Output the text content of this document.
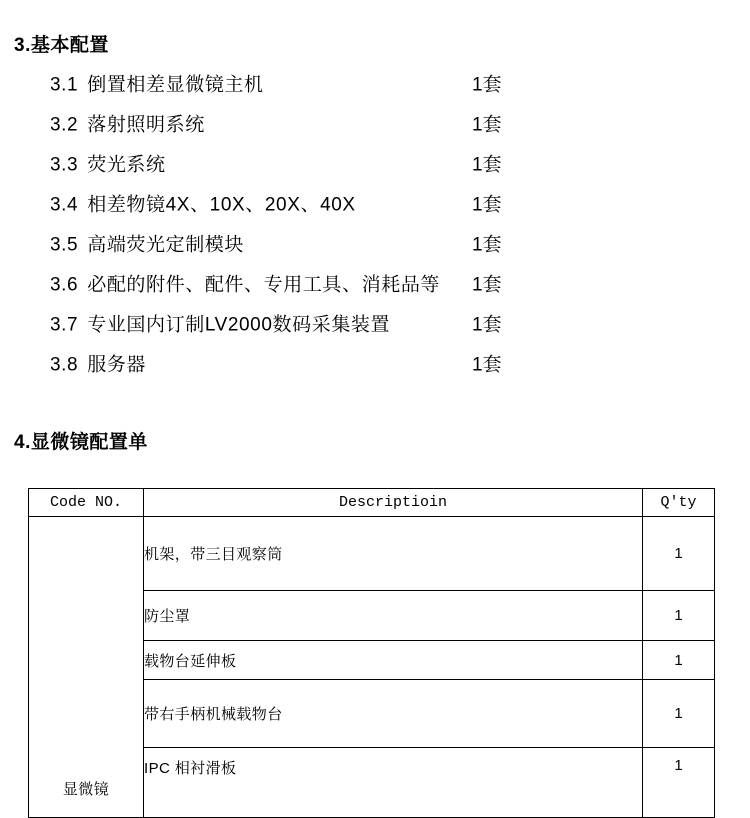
3.基本配置
3.1 倒置相差显微镜主机	1套
3.2 落射照明系统	1套
3.3 荧光系统	1套
3.4 相差物镜4X、10X、20X、40X	1套
3.5 高端荧光定制模块	1套
3.6 必配的附件、配件、专用工具、消耗品等 1套
3.7 专业国内订制LV2000数码采集装置	1套
3.8 服务器	1套
4.显微镜配置单
Code NO.	Descriptioin	Q'ty

显微镜	机架，带三目观察筒	1
	防尘罩	1
	载物台延伸板	1
	带右手柄机械载物台	1
	IPC 相衬滑板	1
